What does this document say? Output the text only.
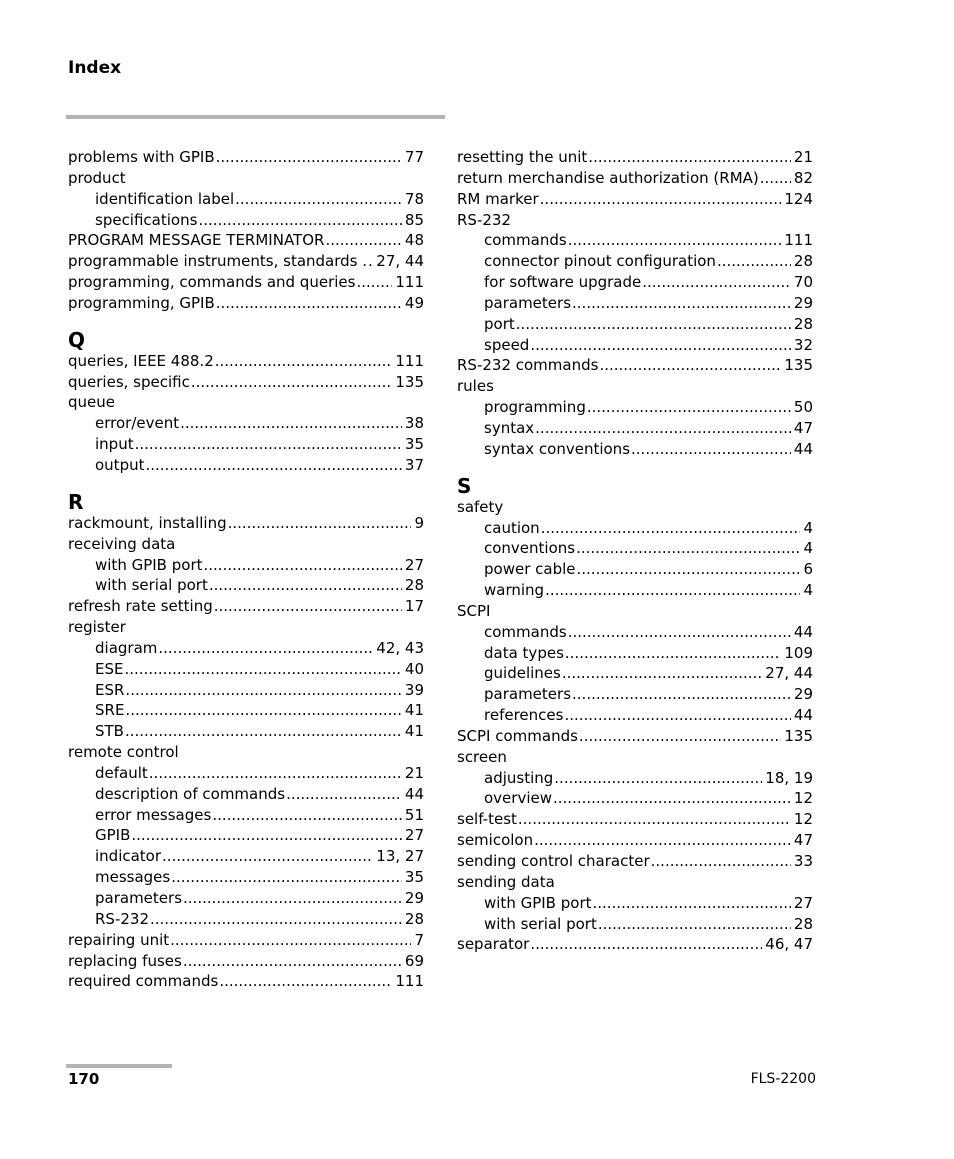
Index
problems with GPIB .....	77
product
identification label .....	78
specifications .....	85
PROGRAM MESSAGE TERMINATOR .....	48
programmable instruments, standards . ..... 27, 44
programming, commands and queries .....	111
programming, GPIB .....	49
Q
queries, IEEE 488.2 .....	111
queries, specific .....	135
queue
error/event .....	38
input .....	35
output .....	37
R
rackmount, installing .....	9
receiving data
with GPIB port .....	27
with serial port .....	28
refresh rate setting .....	17
register
diagram .....	42, 43
ESE .....	40
ESR .....	39
SRE .....	41
STB .....	41
remote control
default .....	21
description of commands .....	44
error messages .....	51
GPIB .....	27
indicator .....	13, 27
messages .....	35
parameters .....	29
RS-232 .....	28
repairing unit .....	7
replacing fuses .....	69
required commands .....	111
resetting the unit .....	21
return merchandise authorization (RMA) ..... 82
RM marker .....	124
RS-232
commands .....	111
connector pinout configuration .....	28
for software upgrade .....	70
parameters .....	29
port .....	28
speed .....	32
RS-232 commands .....	135
rules
programming .....	50
syntax .....	47
syntax conventions .....	44
S
safety
caution .....	4
conventions .....	4
power cable .....	6
warning .....	4
SCPI
commands .....	44
data types .....	109
guidelines .....	27, 44
parameters .....	29
references .....	44
SCPI commands .....	135
screen
adjusting .....	18, 19
overview .....	12
self-test .....	12
semicolon .....	47
sending control character .....	33
sending data
with GPIB port .....	27
with serial port .....	28
separator .....	46, 47
170	FLS-2200
